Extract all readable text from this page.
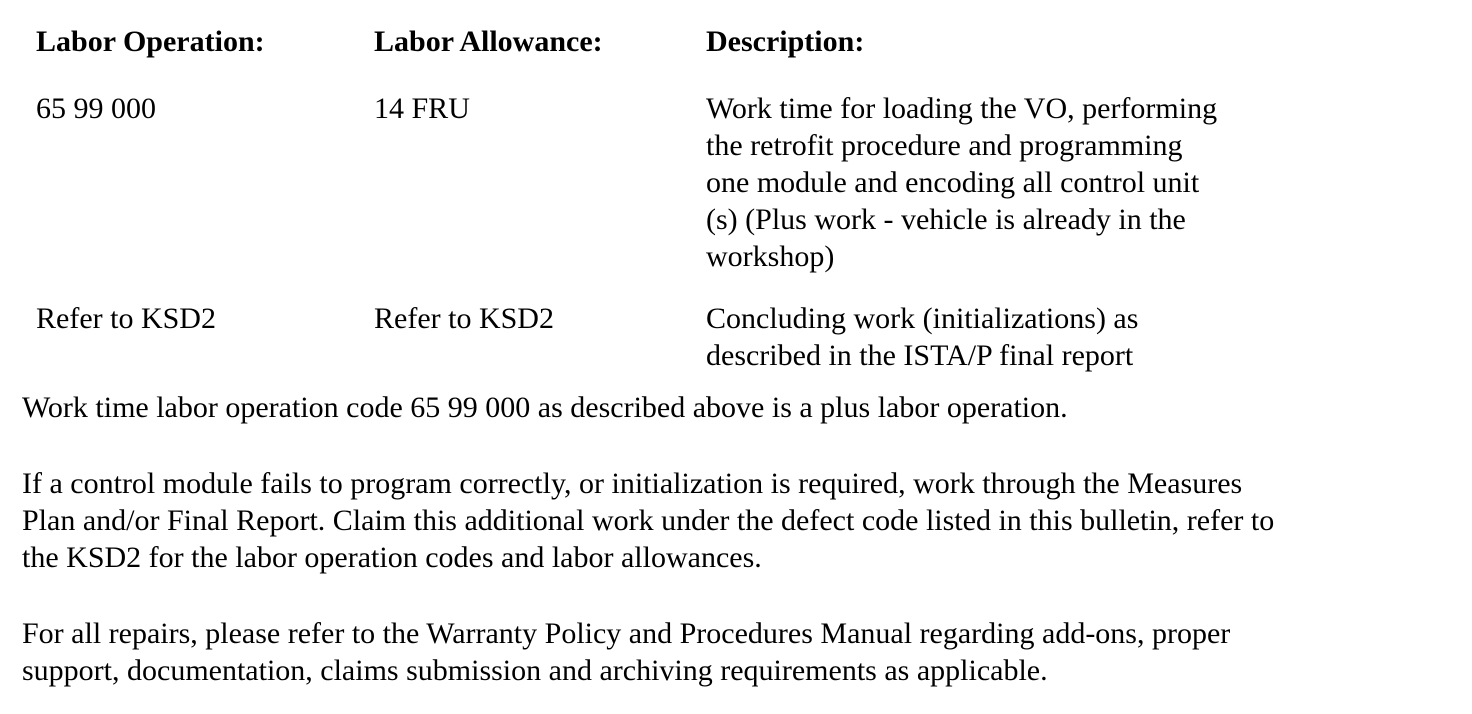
Labor Operation:	Labor Allowance:	Description:
65 99 000	14 FRU	Work time for loading the VO, performing
the retrofit procedure and programming
one module and encoding all control unit
(s) (Plus work - vehicle is already in the
workshop)

Refer to KSD2	Refer to KSD2	Concluding work (initializations) as
described in the ISTA/P final report

Work time labor operation code 65 99 000 as described above is a plus labor operation.

If a control module fails to program correctly, or initialization is required, work through the Measures
Plan and/or Final Report. Claim this additional work under the defect code listed in this bulletin, refer to
the KSD2 for the labor operation codes and labor allowances.

For all repairs, please refer to the Warranty Policy and Procedures Manual regarding add-ons, proper
support, documentation, claims submission and archiving requirements as applicable.
